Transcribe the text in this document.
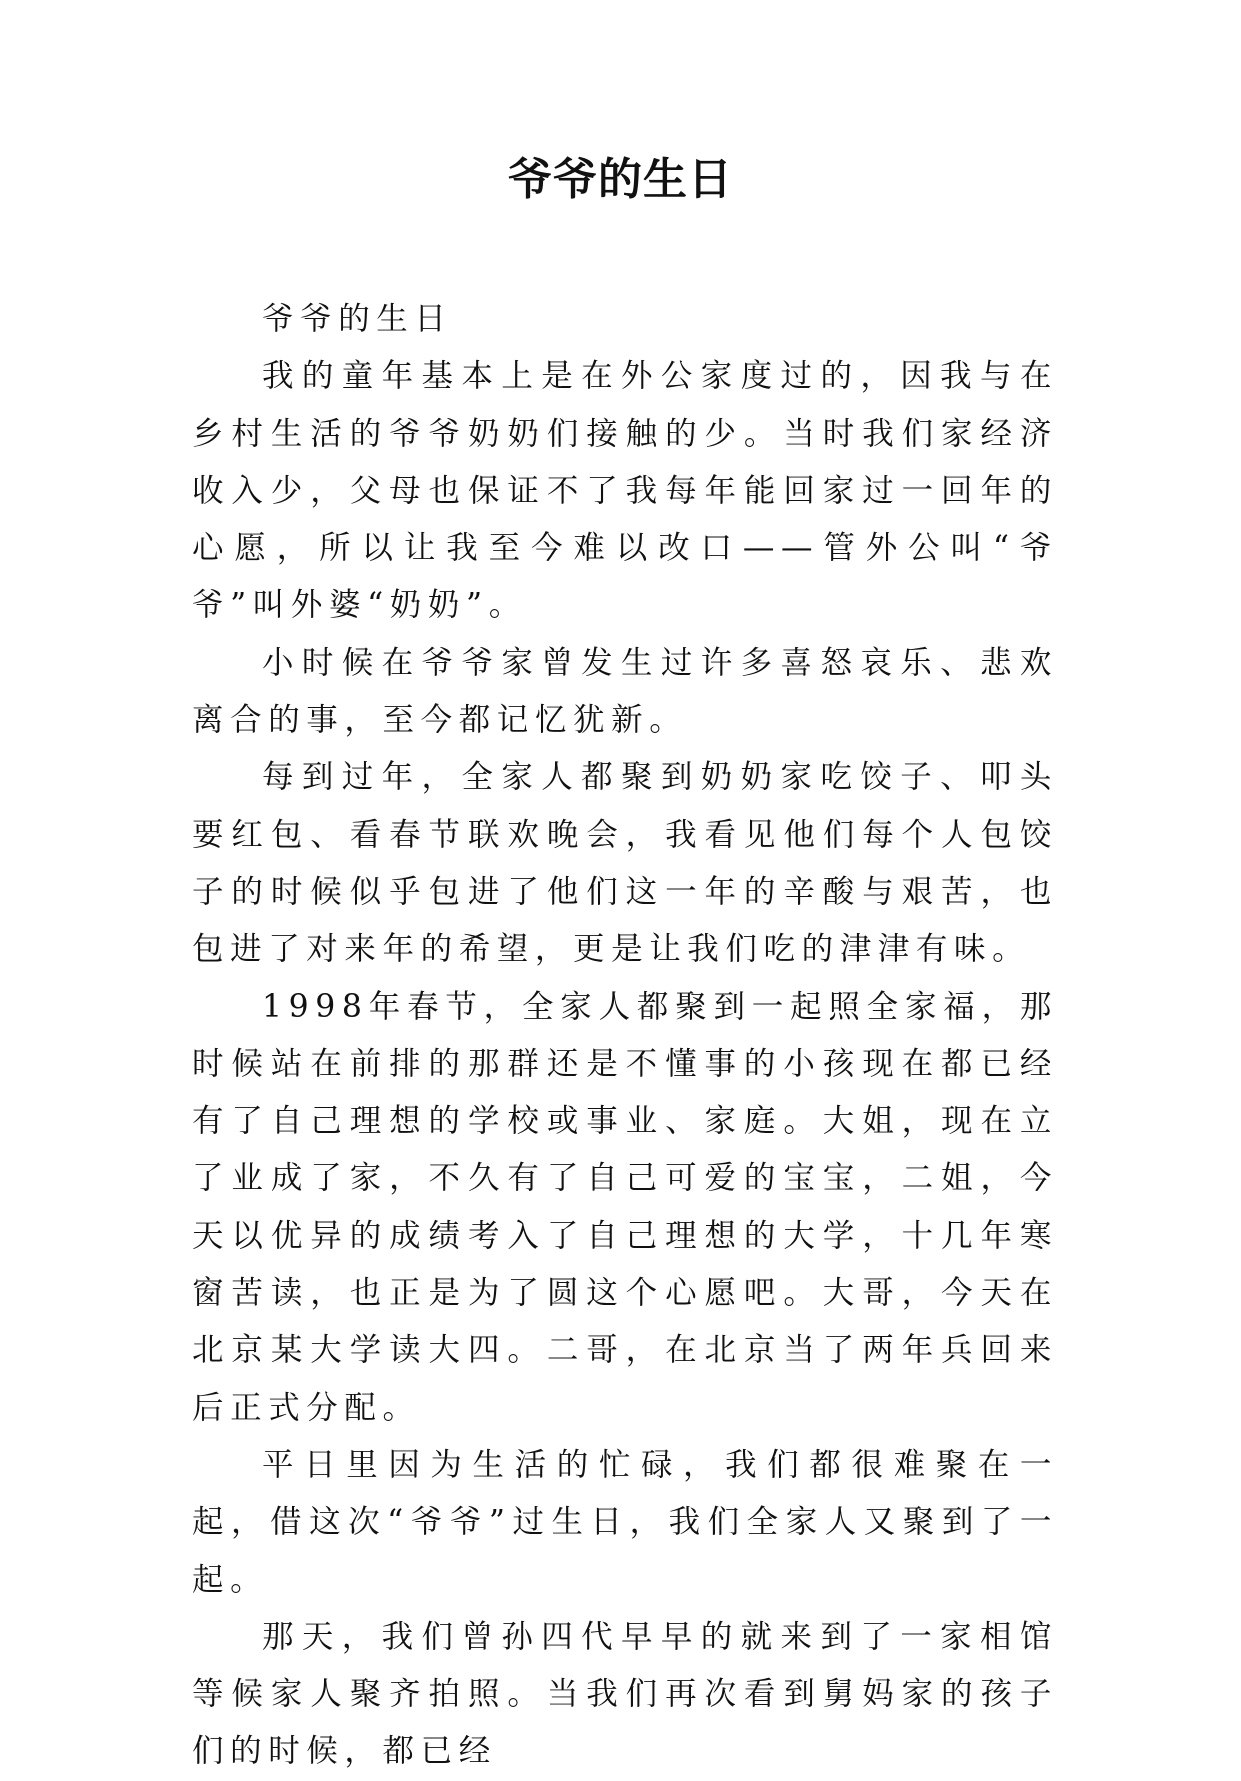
爷爷的生日

爷爷的生日

我的童年基本上是在外公家度过的，因我与在乡村生活的爷爷奶奶们接触的少。当时我们家经济收入少，父母也保证不了我每年能回家过一回年的心愿，所以让我至今难以改口——管外公叫“爷爷”叫外婆“奶奶”。

小时候在爷爷家曾发生过许多喜怒哀乐、悲欢离合的事，至今都记忆犹新。

每到过年，全家人都聚到奶奶家吃饺子、叩头要红包、看春节联欢晚会，我看见他们每个人包饺子的时候似乎包进了他们这一年的辛酸与艰苦，也包进了对来年的希望，更是让我们吃的津津有味。

1998年春节，全家人都聚到一起照全家福，那时候站在前排的那群还是不懂事的小孩现在都已经有了自己理想的学校或事业、家庭。大姐，现在立了业成了家，不久有了自己可爱的宝宝，二姐，今天以优异的成绩考入了自己理想的大学，十几年寒窗苦读，也正是为了圆这个心愿吧。大哥，今天在北京某大学读大四。二哥，在北京当了两年兵回来后正式分配。

平日里因为生活的忙碌，我们都很难聚在一起，借这次“爷爷”过生日，我们全家人又聚到了一起。

那天，我们曾孙四代早早的就来到了一家相馆等候家人聚齐拍照。当我们再次看到舅妈家的孩子们的时候，都已经
